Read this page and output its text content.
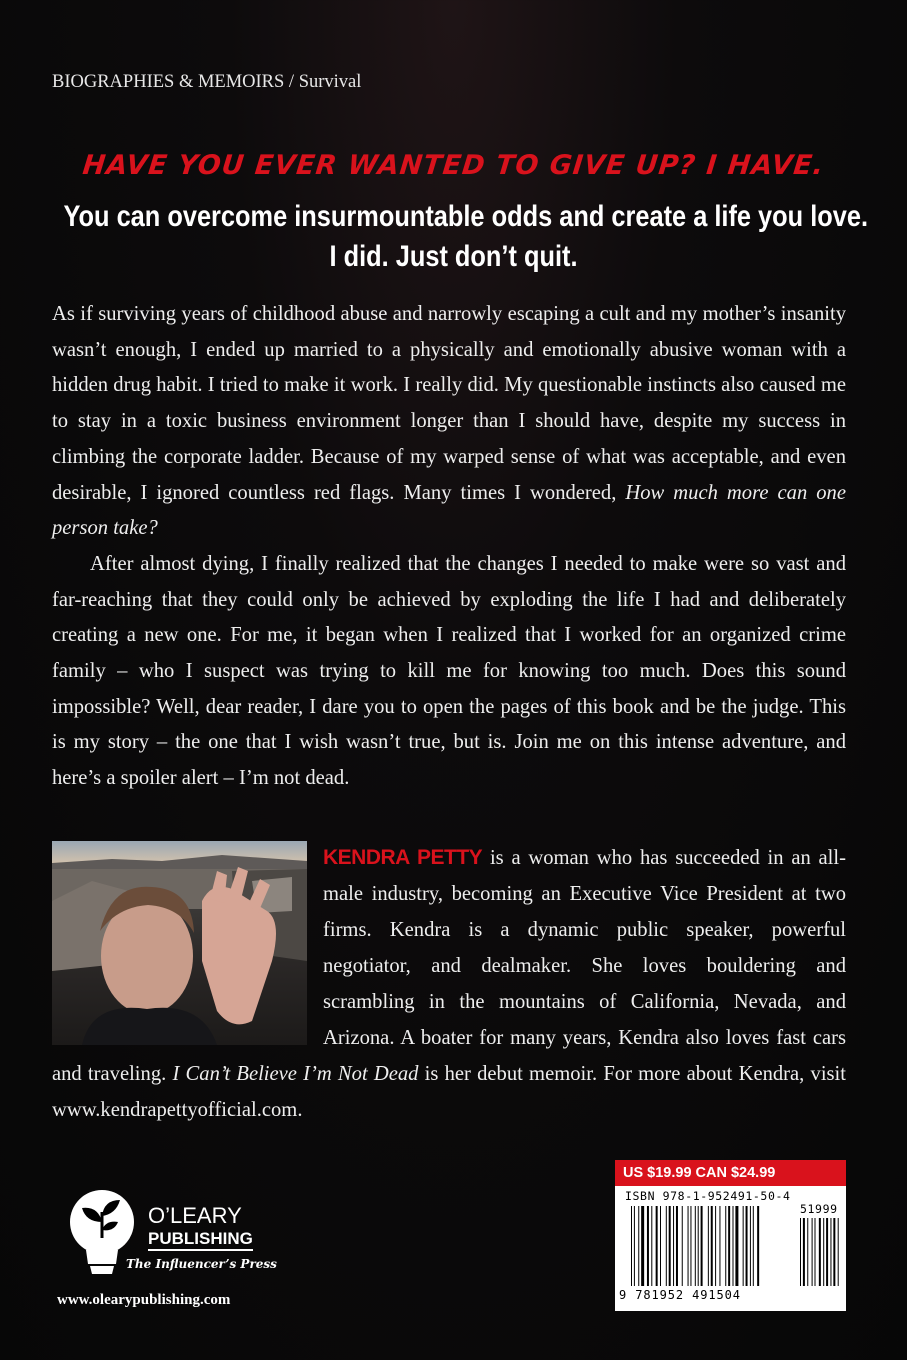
BIOGRAPHIES & MEMOIRS / Survival
HAVE YOU EVER WANTED TO GIVE UP? I HAVE.
You can overcome insurmountable odds and create a life you love.
I did. Just don’t quit.

As if surviving years of childhood abuse and narrowly escaping a cult and my mother’s insanity wasn’t enough, I ended up married to a physically and emotionally abusive woman with a hidden drug habit. I tried to make it work. I really did. My questionable instincts also caused me to stay in a toxic business environment longer than I should have, despite my success in climbing the corporate ladder. Because of my warped sense of what was acceptable, and even desirable, I ignored countless red flags. Many times I wondered, How much more can one person take?

After almost dying, I finally realized that the changes I needed to make were so vast and far-reaching that they could only be achieved by exploding the life I had and deliberately creating a new one. For me, it began when I realized that I worked for an organized crime family – who I suspect was trying to kill me for knowing too much. Does this sound impossible? Well, dear reader, I dare you to open the pages of this book and be the judge. This is my story – the one that I wish wasn’t true, but is. Join me on this intense adventure, and here’s a spoiler alert – I’m not dead.

KENDRA PETTY is a woman who has succeeded in an all-male industry, becoming an Executive Vice President at two firms. Kendra is a dynamic public speaker, powerful negotiator, and dealmaker. She loves bouldering and scrambling in the mountains of California, Nevada, and Arizona. A boater for many years, Kendra also loves fast cars and traveling. I Can’t Believe I’m Not Dead is her debut memoir. For more about Kendra, visit www.kendrapettyofficial.com.

O’LEARY
PUBLISHING
The Influencer’s Press
www.olearypublishing.com
US $19.99 CAN $24.99
ISBN 978-1-952491-50-4
51999
9 781952 491504
